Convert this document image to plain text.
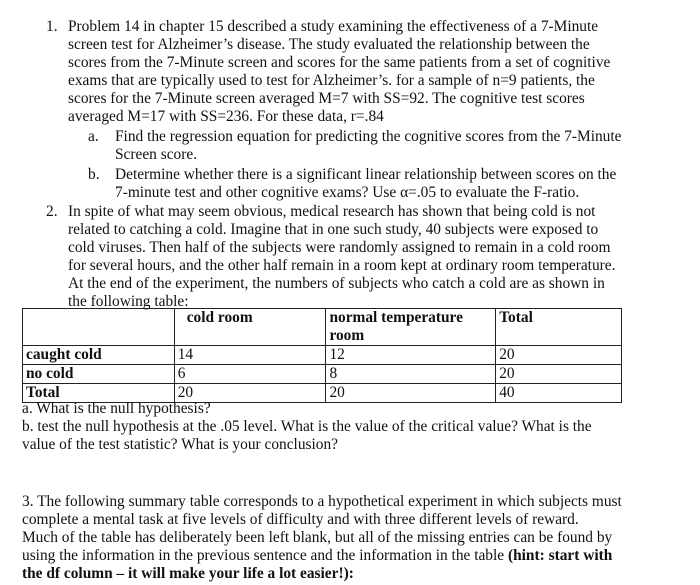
1. Problem 14 in chapter 15 described a study examining the effectiveness of a 7-Minute
screen test for Alzheimer’s disease. The study evaluated the relationship between the
scores from the 7-Minute screen and scores for the same patients from a set of cognitive
exams that are typically used to test for Alzheimer’s. for a sample of n=9 patients, the
scores for the 7-Minute screen averaged M=7 with SS=92. The cognitive test scores
averaged M=17 with SS=236. For these data, r=.84
a. Find the regression equation for predicting the cognitive scores from the 7-Minute
Screen score.
b. Determine whether there is a significant linear relationship between scores on the
7-minute test and other cognitive exams? Use α=.05 to evaluate the F-ratio.
2. In spite of what may seem obvious, medical research has shown that being cold is not
related to catching a cold. Imagine that in one such study, 40 subjects were exposed to
cold viruses. Then half of the subjects were randomly assigned to remain in a cold room
for several hours, and the other half remain in a room kept at ordinary room temperature.
At the end of the experiment, the numbers of subjects who catch a cold are as shown in
the following table:
	cold room	normal temperature room	Total
caught cold	14	12	20
no cold	6	8	20
Total	20	20	40
a. What is the null hypothesis?
b. test the null hypothesis at the .05 level. What is the value of the critical value? What is the
value of the test statistic? What is your conclusion?
3. The following summary table corresponds to a hypothetical experiment in which subjects must
complete a mental task at five levels of difficulty and with three different levels of reward.
Much of the table has deliberately been left blank, but all of the missing entries can be found by
using the information in the previous sentence and the information in the table (hint: start with
the df column – it will make your life a lot easier!):
